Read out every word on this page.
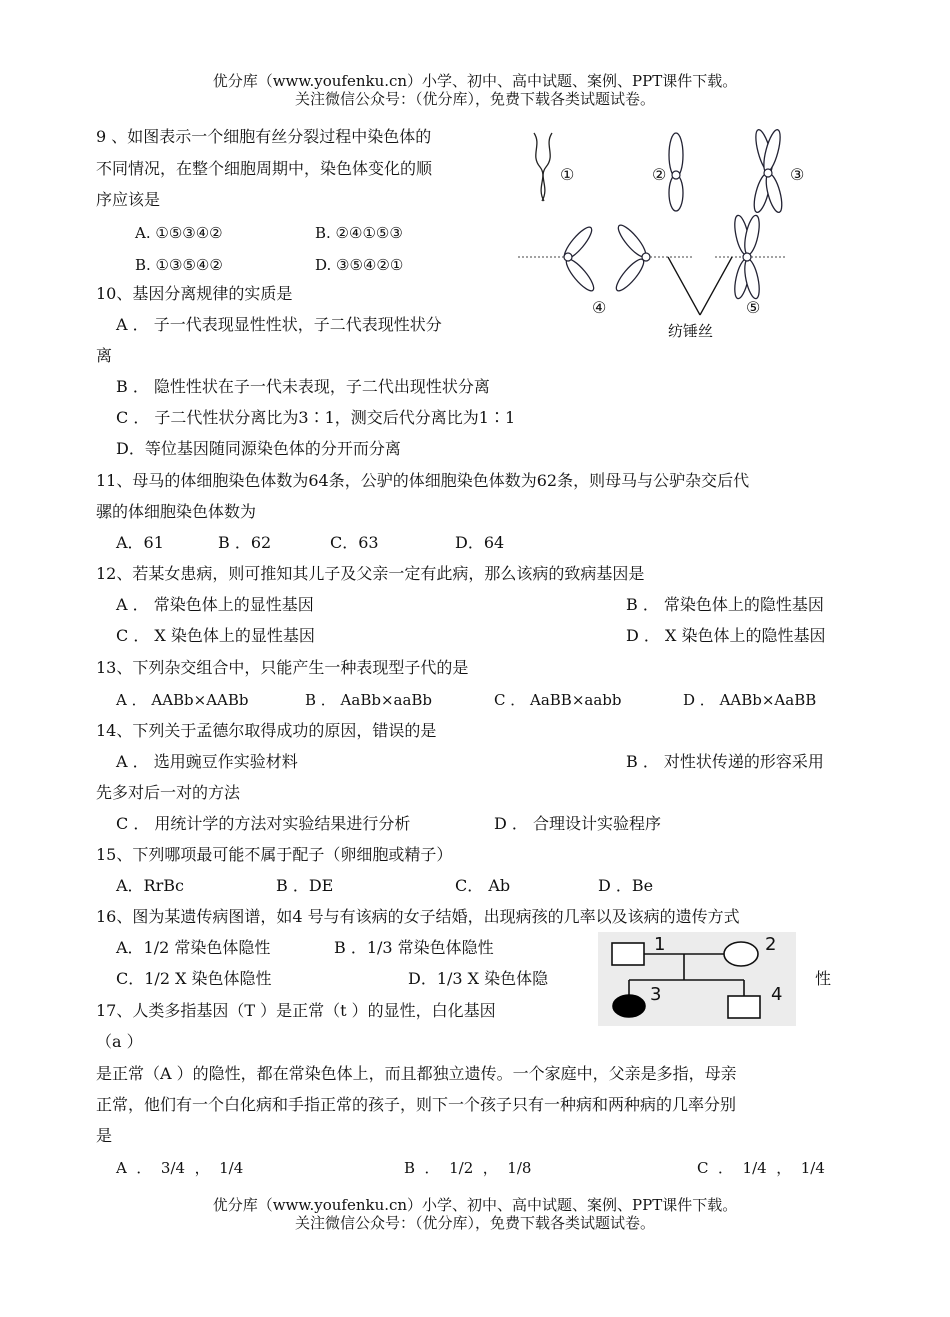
优分库（www.youfenku.cn）小学、初中、高中试题、案例、PPT课件下载。
关注微信公众号：（优分库），免费下载各类试题试卷。
9 、如图表示一个细胞有丝分裂过程中染色体的
不同情况，在整个细胞周期中，染色体变化的顺
序应该是
A. ①⑤③④②	B. ②④①⑤③
B. ①③⑤④②	D. ③⑤④②①
①	②	③
④	⑤
纺锤丝
10、基因分离规律的实质是
A ． 子一代表现显性性状，子二代表现性状分
离
B ． 隐性性状在子一代未表现，子二代出现性状分离
C ． 子二代性状分离比为3∶1，测交后代分离比为1∶1
D．等位基因随同源染色体的分开而分离
11、母马的体细胞染色体数为64条，公驴的体细胞染色体数为62条，则母马与公驴杂交后代
骡的体细胞染色体数为
A．61	B ．62	C．63	D．64
12、若某女患病，则可推知其儿子及父亲一定有此病，那么该病的致病基因是
A ． 常染色体上的显性基因	B ． 常染色体上的隐性基因
C ． X 染色体上的显性基因	D ． X 染色体上的隐性基因
13、下列杂交组合中，只能产生一种表现型子代的是
A ． AABb×AABb	B ． AaBb×aaBb	C ． AaBB×aabb	D ． AABb×AaBB
14、下列关于孟德尔取得成功的原因，错误的是
A ． 选用豌豆作实验材料	B ． 对性状传递的形容采用
先多对后一对的方法
C ． 用统计学的方法对实验结果进行分析	D ． 合理设计实验程序
15、下列哪项最可能不属于配子（卵细胞或精子）
A．RrBc	B ．DE	C． Ab	D ．Be
16、图为某遗传病图谱，如4 号与有该病的女子结婚，出现病孩的几率以及该病的遗传方式
A．1/2 常染色体隐性	B ．1/3 常染色体隐性
C．1/2 X 染色体隐性	D．1/3 X 染色体隐	性
1	2
3	4
17、人类多指基因（T ）是正常（t ）的显性，白化基因
（a ）
是正常（A ）的隐性，都在常染色体上，而且都独立遗传。一个家庭中，父亲是多指，母亲
正常，他们有一个白化病和手指正常的孩子，则下一个孩子只有一种病和两种病的几率分别
是
A  ．  3/4  ，  1/4	B  ．  1/2  ，  1/8	C  ．  1/4  ，  1/4
优分库（www.youfenku.cn）小学、初中、高中试题、案例、PPT课件下载。
关注微信公众号：（优分库），免费下载各类试题试卷。
